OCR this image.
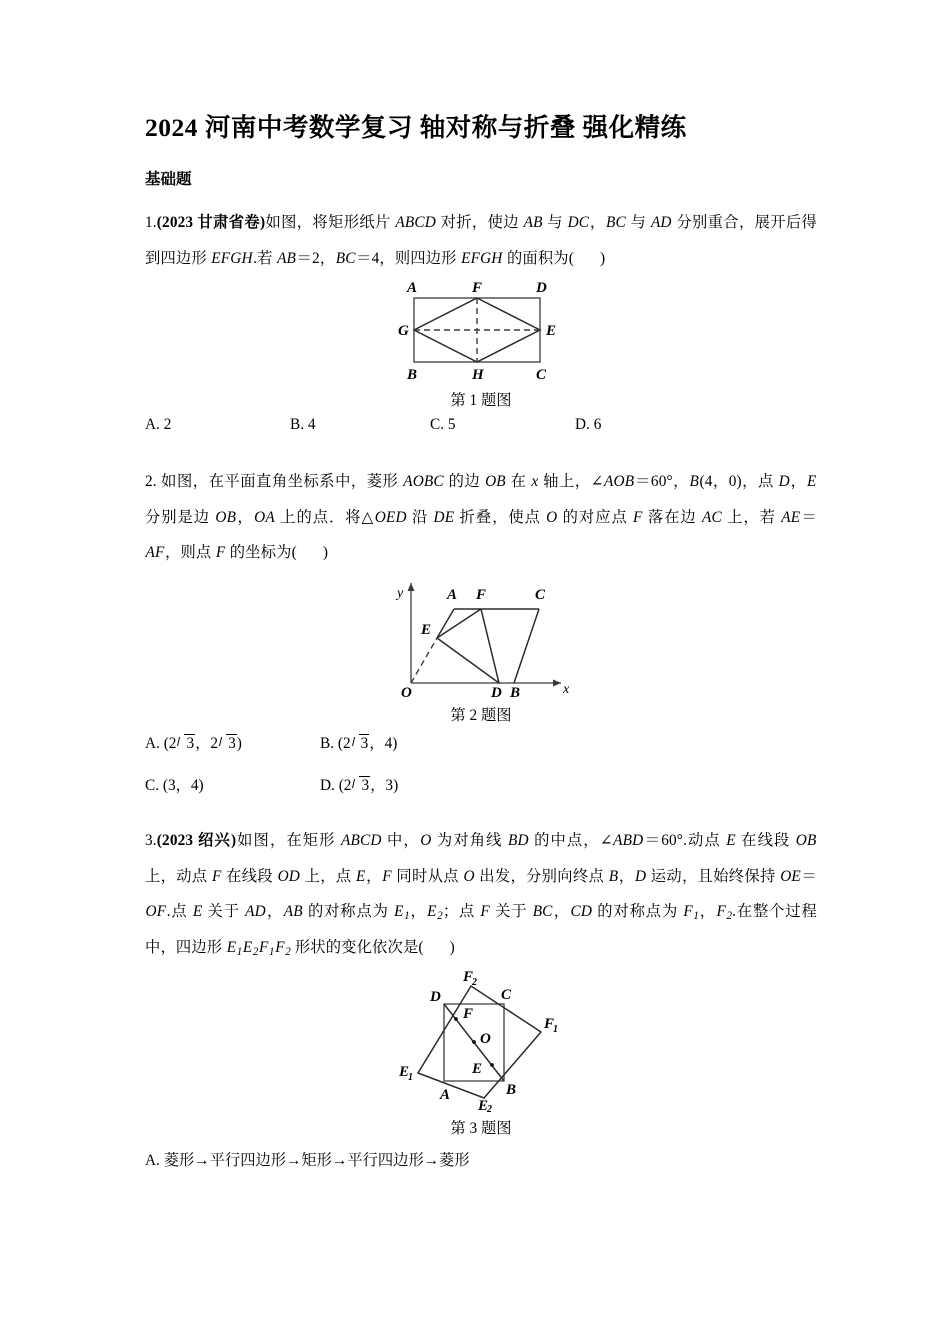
2024 河南中考数学复习 轴对称与折叠 强化精练
基础题
1.(2023 甘肃省卷)如图，将矩形纸片 ABCD 对折，使边 AB 与 DC，BC 与 AD 分别重合，展开后得到四边形 EFGH.若 AB＝2，BC＝4，则四边形 EFGH 的面积为( )
A	F	D
G	E
B	H	C
第 1 题图
A. 2	B. 4	C. 5	D. 6
2. 如图，在平面直角坐标系中，菱形 AOBC 的边 OB 在 x 轴上，∠AOB＝60°，B(4，0)，点 D，E 分别是边 OB，OA 上的点．将△OED 沿 DE 折叠，使点 O 的对应点 F 落在边 AC 上，若 AE＝AF，则点 F 的坐标为( )
y
x
O
A F	C
E
D B
第 2 题图
A. (2 3，2 3)	B. (2 3，4)
C. (3，4)	D. (2 3，3)
3.(2023 绍兴)如图，在矩形 ABCD 中，O 为对角线 BD 的中点，∠ABD＝60°.动点 E 在线段 OB 上，动点 F 在线段 OD 上，点 E，F 同时从点 O 出发，分别向终点 B，D 运动，且始终保持 OE＝OF.点 E 关于 AD，AB 的对称点为 $E_1$，$E_2$；点 F 关于 BC，CD 的对称点为 $F_1$，$F_2$.在整个过程中，四边形 $E_1E_2F_1F_2$ 形状的变化依次是( )
F
2
D	C
F
1
F
O
E
E
1
A	B
E
2
第 3 题图
A. 菱形→平行四边形→矩形→平行四边形→菱形
